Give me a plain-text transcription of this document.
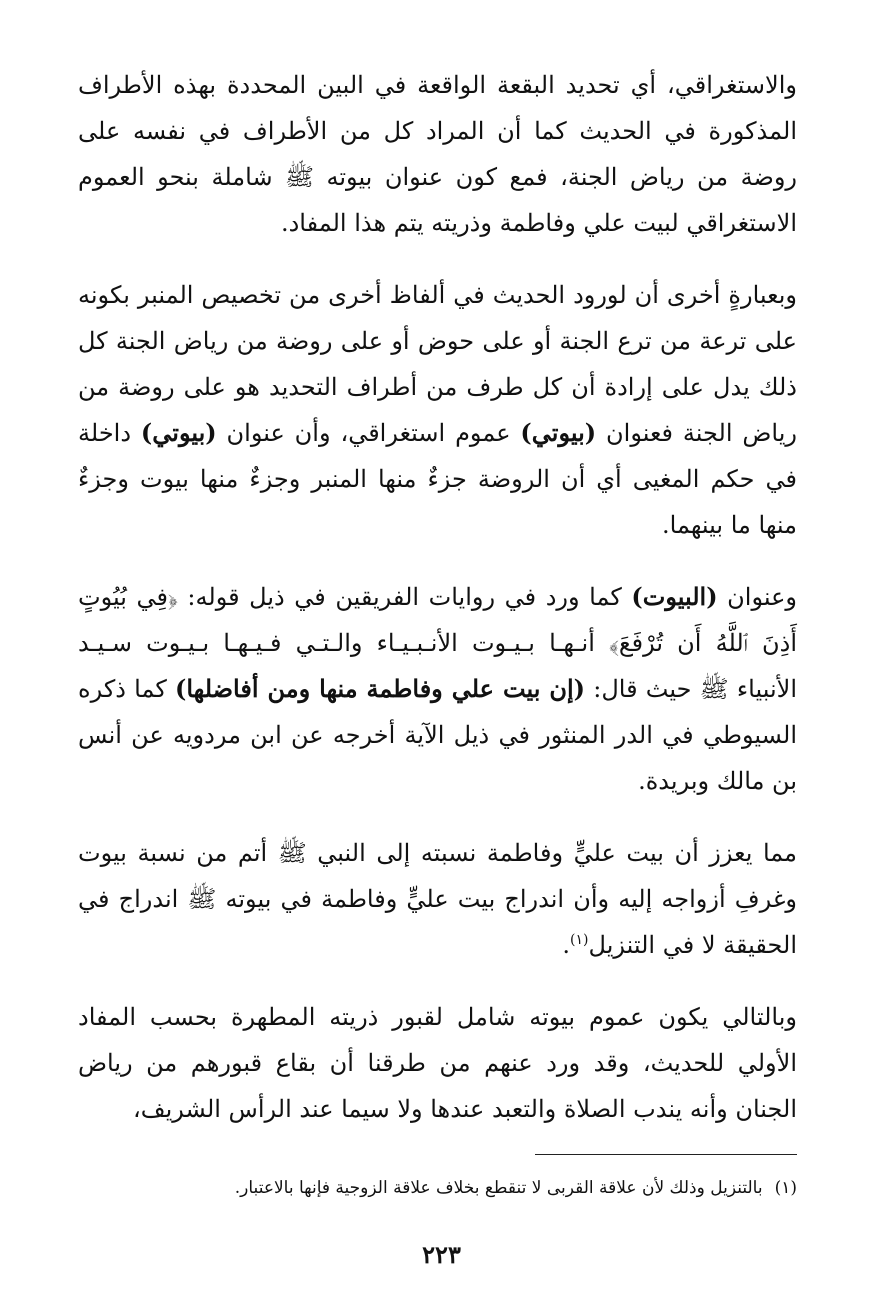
والاستغراقي، أي تحديد البقعة الواقعة في البين المحددة بهذه الأطراف المذكورة في الحديث كما أن المراد كل من الأطراف في نفسه على روضة من رياض الجنة، فمع كون عنوان بيوته ﷺ شاملة بنحو العموم الاستغراقي لبيت علي وفاطمة وذريته يتم هذا المفاد.

وبعبارةٍ أخرى أن لورود الحديث في ألفاظ أخرى من تخصيص المنبر بكونه على ترعة من ترع الجنة أو على حوض أو على روضة من رياض الجنة كل ذلك يدل على إرادة أن كل طرف من أطراف التحديد هو على روضة من رياض الجنة فعنوان (بيوتي) عموم استغراقي، وأن عنوان (بيوتي) داخلة في حكم المغيى أي أن الروضة جزءٌ منها المنبر وجزءٌ منها بيوت وجزءٌ منها ما بينهما.

وعنوان (البيوت) كما ورد في روايات الفريقين في ذيل قوله: ﴿فِي بُيُوتٍ أَذِنَ ٱللَّهُ أَن تُرْفَعَ﴾ أنـهـا بـيـوت الأنـبـيـاء والـتـي فـيـهـا بـيـوت سـيـد الأنبياء ﷺ حيث قال: (إن بيت علي وفاطمة منها ومن أفاضلها) كما ذكره السيوطي في الدر المنثور في ذيل الآية أخرجه عن ابن مردويه عن أنس بن مالك وبريدة.

مما يعزز أن بيت عليٍّ وفاطمة نسبته إلى النبي ﷺ أتم من نسبة بيوت وغرفِ أزواجه إليه وأن اندراج بيت عليٍّ وفاطمة في بيوته ﷺ اندراج في الحقيقة لا في التنزيل$^{(١)}$.

وبالتالي يكون عموم بيوته شامل لقبور ذريته المطهرة بحسب المفاد الأولي للحديث، وقد ورد عنهم من طرقنا أن بقاع قبورهم من رياض الجنان وأنه يندب الصلاة والتعبد عندها ولا سيما عند الرأس الشريف،

(١)بالتنزيل وذلك لأن علاقة القربى لا تنقطع بخلاف علاقة الزوجية فإنها بالاعتبار.
٢٢٣
